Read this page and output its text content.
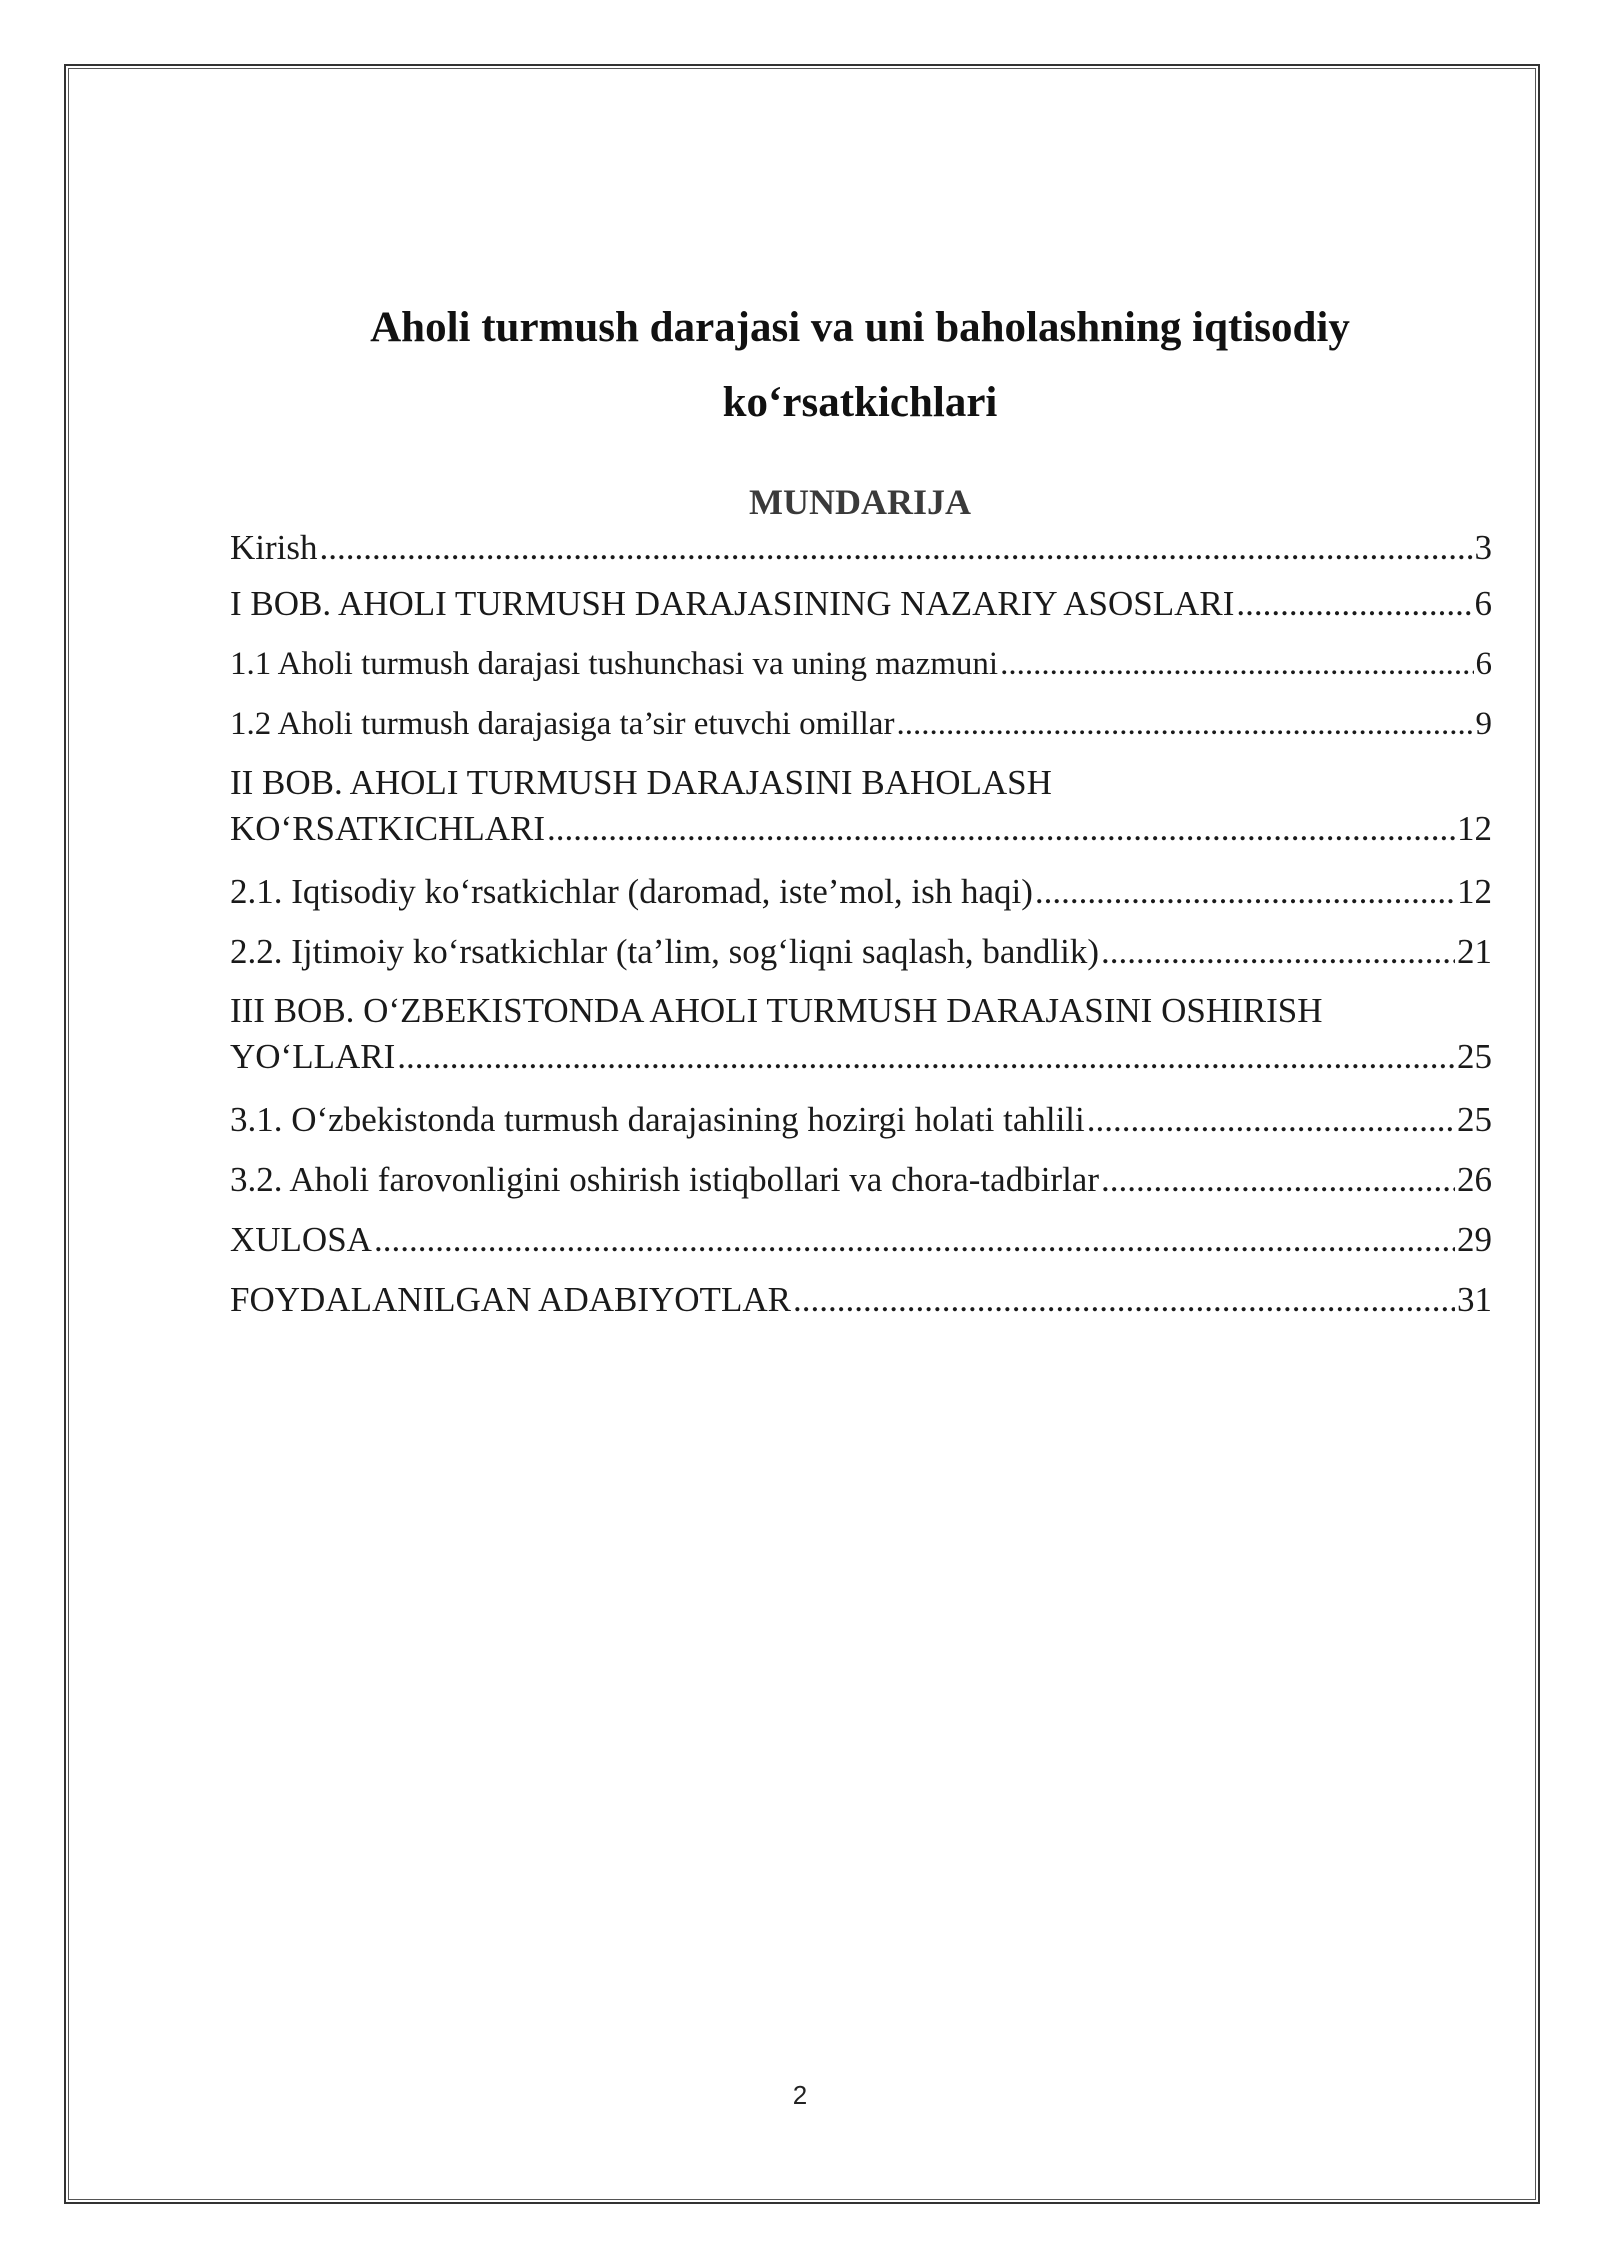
Aholi turmush darajasi va uni baholashning iqtisodiy
ko‘rsatkichlari
MUNDARIJA
Kirish .....	3
I BOB. AHOLI TURMUSH DARAJASINING NAZARIY ASOSLARI .....	6
1.1 Aholi turmush darajasi tushunchasi va uning mazmuni .....	6
1.2 Aholi turmush darajasiga ta’sir etuvchi omillar .....	9
II BOB. AHOLI TURMUSH DARAJASINI BAHOLASH
KO‘RSATKICHLARI .....	12
2.1. Iqtisodiy ko‘rsatkichlar (daromad, iste’mol, ish haqi) .....	12
2.2. Ijtimoiy ko‘rsatkichlar (ta’lim, sog‘liqni saqlash, bandlik) .....	21
III BOB. O‘ZBEKISTONDA AHOLI TURMUSH DARAJASINI OSHIRISH
YO‘LLARI .....	25
3.1. O‘zbekistonda turmush darajasining hozirgi holati tahlili .....	25
3.2. Aholi farovonligini oshirish istiqbollari va chora-tadbirlar .....	26
XULOSA .....	29
FOYDALANILGAN ADABIYOTLAR .....	31
2
